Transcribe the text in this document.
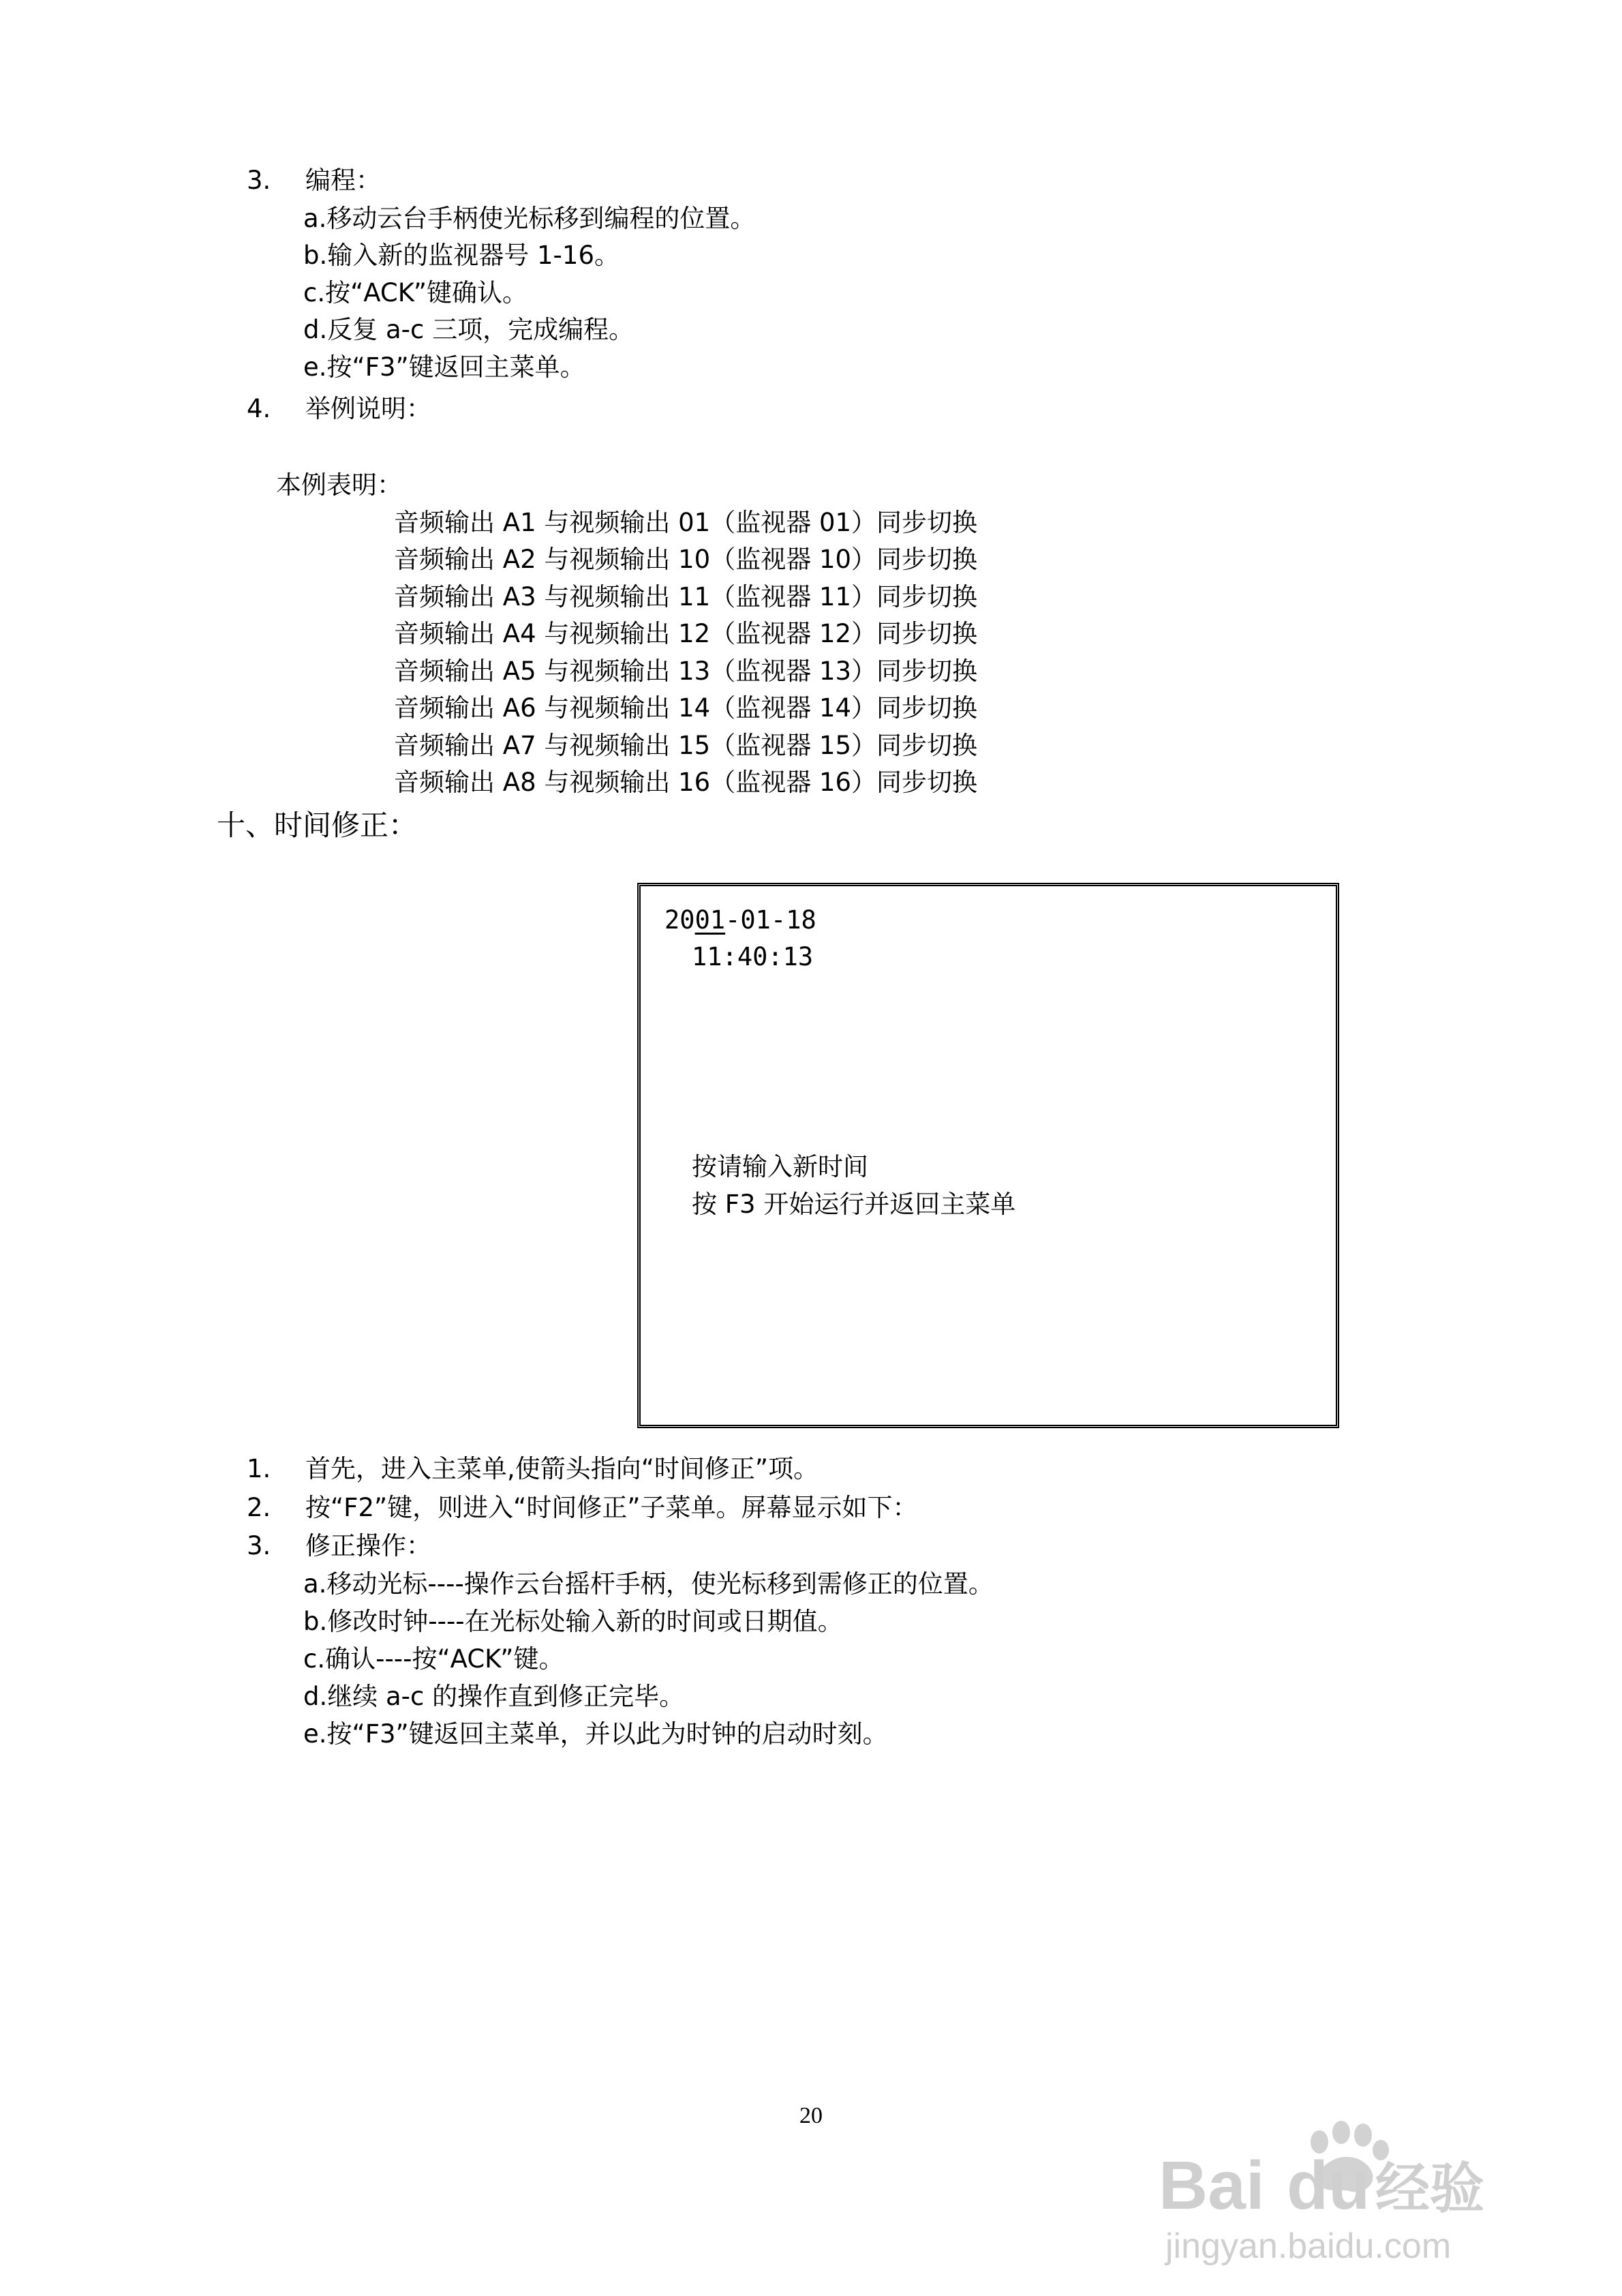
3. 编程：
a.移动云台手柄使光标移到编程的位置。
b.输入新的监视器号 1-16。
c.按“ACK”键确认。
d.反复 a-c 三项，完成编程。
e.按“F3”键返回主菜单。
4. 举例说明：
本例表明：
音频输出 A1 与视频输出 01（监视器 01）同步切换
音频输出 A2 与视频输出 10（监视器 10）同步切换
音频输出 A3 与视频输出 11（监视器 11）同步切换
音频输出 A4 与视频输出 12（监视器 12）同步切换
音频输出 A5 与视频输出 13（监视器 13）同步切换
音频输出 A6 与视频输出 14（监视器 14）同步切换
音频输出 A7 与视频输出 15（监视器 15）同步切换
音频输出 A8 与视频输出 16（监视器 16）同步切换
十、时间修正：
2001-01-18
11:40:13
按请输入新时间
按 F3 开始运行并返回主菜单
1. 首先，进入主菜单,使箭头指向“时间修正”项。
2. 按“F2”键，则进入“时间修正”子菜单。屏幕显示如下：
3. 修正操作：
a.移动光标----操作云台摇杆手柄，使光标移到需修正的位置。
b.修改时钟----在光标处输入新的时间或日期值。
c.确认----按“ACK”键。
d.继续 a-c 的操作直到修正完毕。
e.按“F3”键返回主菜单，并以此为时钟的启动时刻。
20
Bai du 经验
jingyan.baidu.com
